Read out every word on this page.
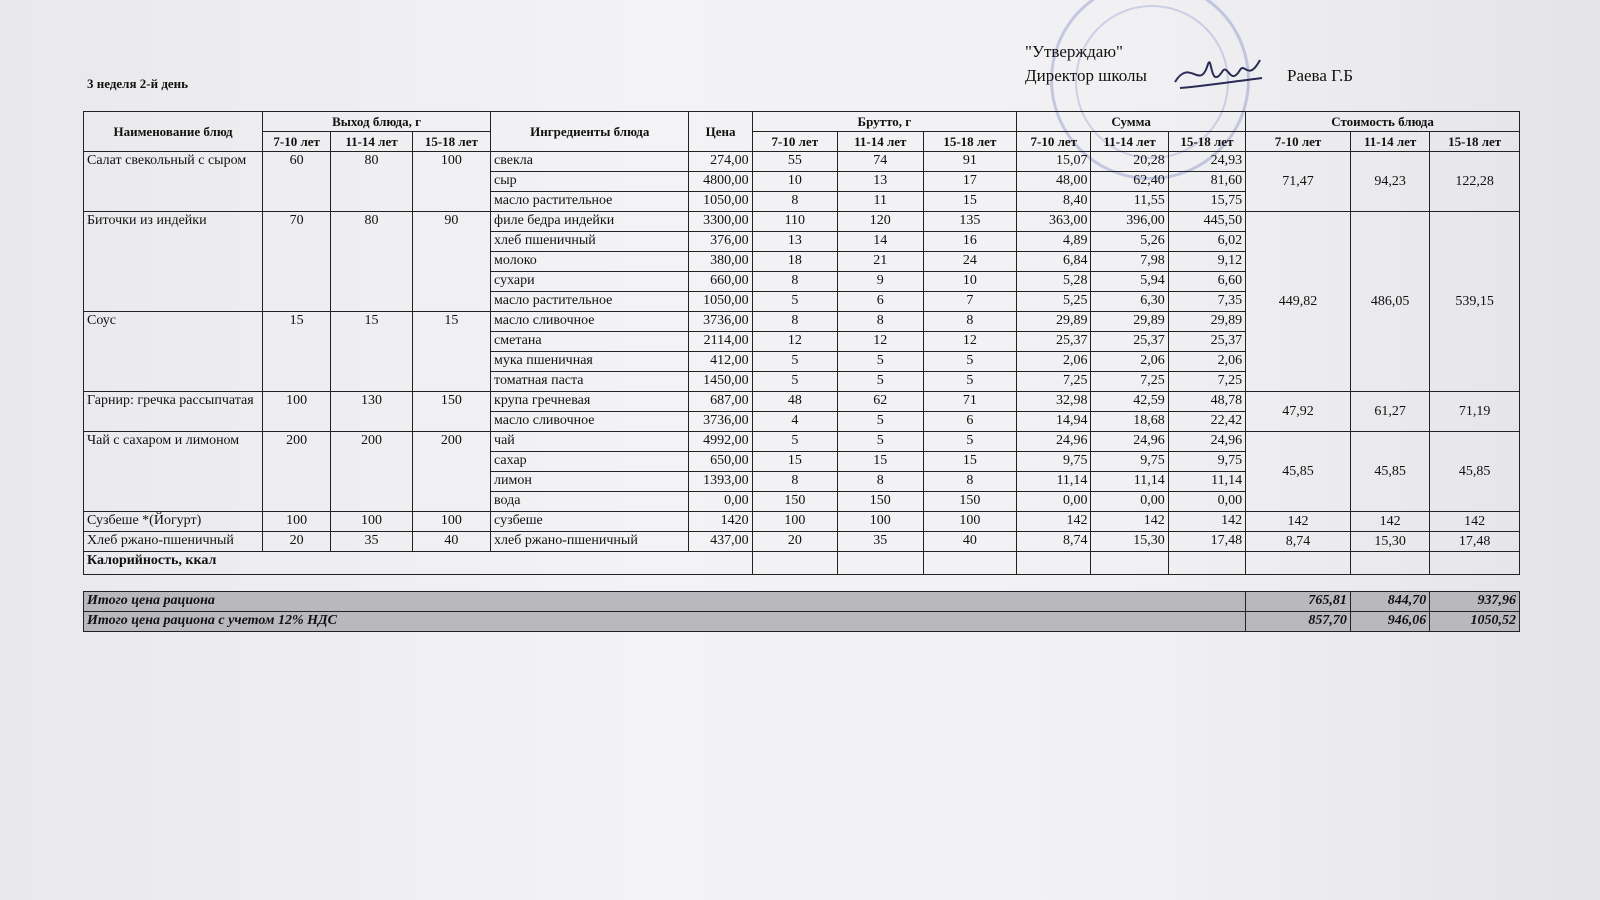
3 неделя 2-й день
"Утверждаю"
Директор школы	Раева Г.Б
Наименование блюд	Выход блюда, г			Ингредиенты блюда	Цена	Брутто, г			Сумма			Стоимость блюда		
	7-10 лет	11-14 лет	15-18 лет			7-10 лет	11-14 лет	15-18 лет	7-10 лет	11-14 лет	15-18 лет	7-10 лет	11-14 лет	15-18 лет
Салат свекольный с сыром	60	80	100	свекла	274,00	55	74	91	15,07	20,28	24,93	71,47	94,23	122,28
				сыр	4800,00	10	13	17	48,00	62,40	81,60			
				масло растительное	1050,00	8	11	15	8,40	11,55	15,75			
Биточки из индейки	70	80	90	филе бедра индейки	3300,00	110	120	135	363,00	396,00	445,50	449,82	486,05	539,15
				хлеб пшеничный	376,00	13	14	16	4,89	5,26	6,02			
				молоко	380,00	18	21	24	6,84	7,98	9,12			
				сухари	660,00	8	9	10	5,28	5,94	6,60			
				масло растительное	1050,00	5	6	7	5,25	6,30	7,35			
Соус	15	15	15	масло сливочное	3736,00	8	8	8	29,89	29,89	29,89			
				сметана	2114,00	12	12	12	25,37	25,37	25,37			
				мука пшеничная	412,00	5	5	5	2,06	2,06	2,06			
				томатная паста	1450,00	5	5	5	7,25	7,25	7,25			
Гарнир: гречка рассыпчатая	100	130	150	крупа гречневая	687,00	48	62	71	32,98	42,59	48,78	47,92	61,27	71,19
				масло сливочное	3736,00	4	5	6	14,94	18,68	22,42			
Чай с сахаром и лимоном	200	200	200	чай	4992,00	5	5	5	24,96	24,96	24,96	45,85	45,85	45,85
				сахар	650,00	15	15	15	9,75	9,75	9,75			
				лимон	1393,00	8	8	8	11,14	11,14	11,14			
				вода	0,00	150	150	150	0,00	0,00	0,00			
Сузбеше *(Йогурт)	100	100	100	сузбеше	1420	100	100	100	142	142	142	142	142	142
Хлеб ржано-пшеничный	20	35	40	хлеб ржано-пшеничный	437,00	20	35	40	8,74	15,30	17,48	8,74	15,30	17,48
Калорийность, ккал														

Итого цена рациона												765,81	844,70	937,96
Итого цена рациона с учетом 12% НДС												857,70	946,06	1050,52
